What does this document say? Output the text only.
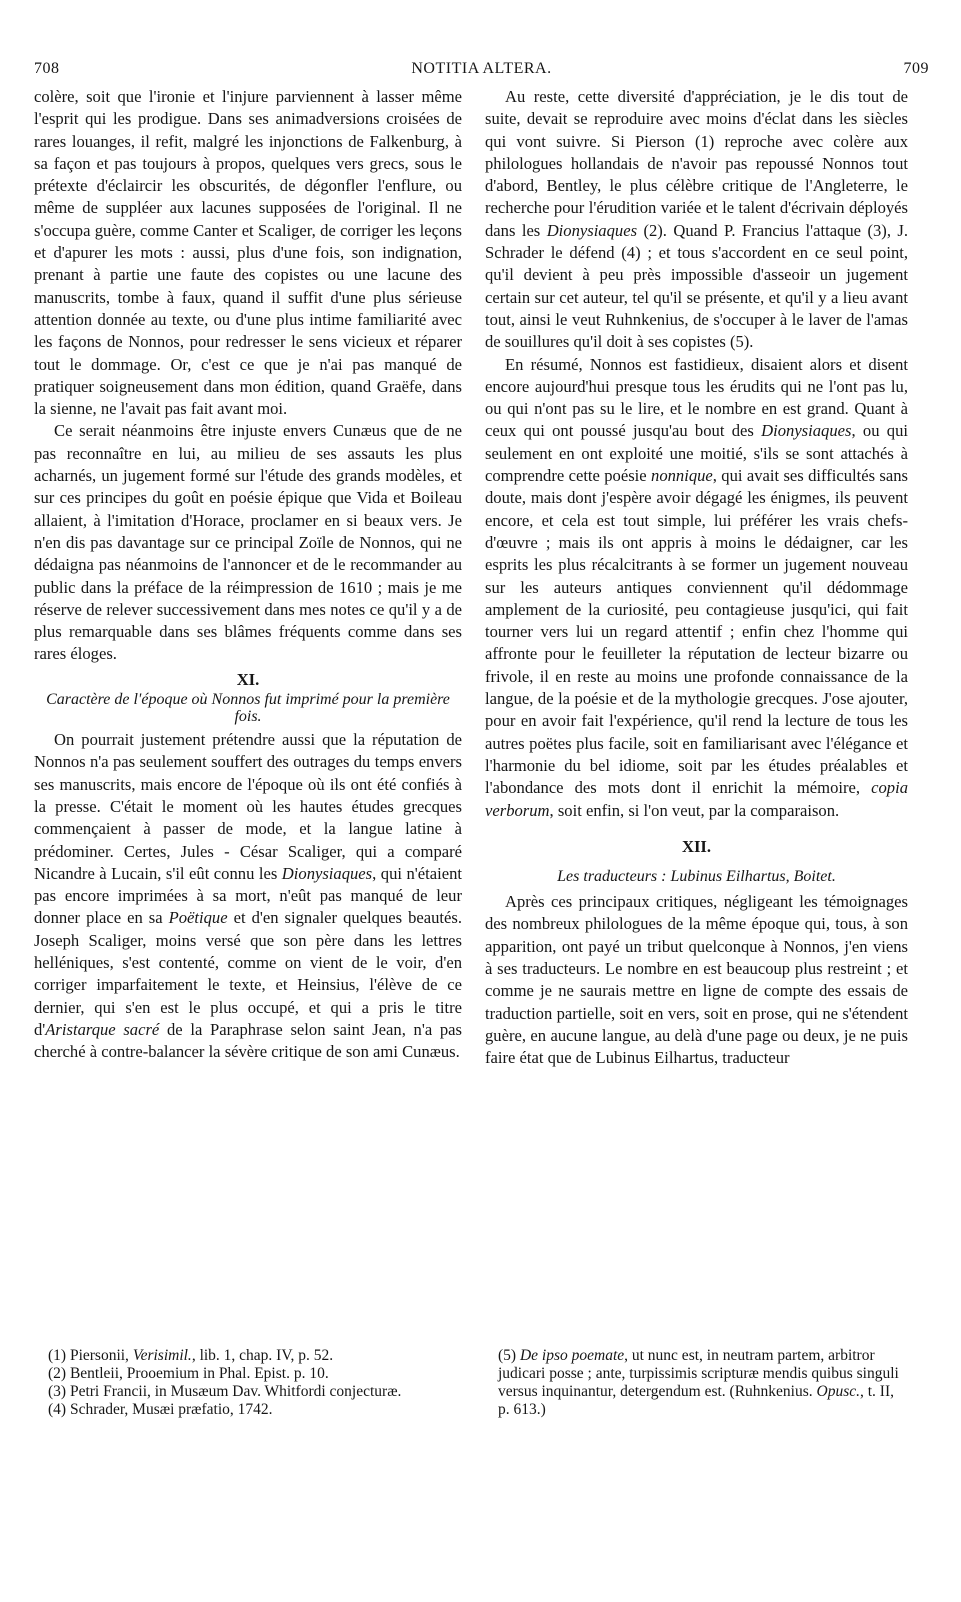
708	NOTITIA ALTERA.	709

colère, soit que l'ironie et l'injure parviennent à lasser même l'esprit qui les prodigue. Dans ses animadversions croisées de rares louanges, il refit, malgré les injonctions de Falkenburg, à sa façon et pas toujours à propos, quelques vers grecs, sous le prétexte d'éclaircir les obscurités, de dégonfler l'enflure, ou même de suppléer aux lacunes supposées de l'original. Il ne s'occupa guère, comme Canter et Scaliger, de corriger les leçons et d'apurer les mots : aussi, plus d'une fois, son indignation, prenant à partie une faute des copistes ou une lacune des manuscrits, tombe à faux, quand il suffit d'une plus sérieuse attention donnée au texte, ou d'une plus intime familiarité avec les façons de Nonnos, pour redresser le sens vicieux et réparer tout le dommage. Or, c'est ce que je n'ai pas manqué de pratiquer soigneusement dans mon édition, quand Graëfe, dans la sienne, ne l'avait pas fait avant moi.

Ce serait néanmoins être injuste envers Cunæus que de ne pas reconnaître en lui, au milieu de ses assauts les plus acharnés, un jugement formé sur l'étude des grands modèles, et sur ces principes du goût en poésie épique que Vida et Boileau allaient, à l'imitation d'Horace, proclamer en si beaux vers. Je n'en dis pas davantage sur ce principal Zoïle de Nonnos, qui ne dédaigna pas néanmoins de l'annoncer et de le recommander au public dans la préface de la réimpression de 1610 ; mais je me réserve de relever successivement dans mes notes ce qu'il y a de plus remarquable dans ses blâmes fréquents comme dans ses rares éloges.

XI.
Caractère de l'époque où Nonnos fut imprimé pour la première fois.

On pourrait justement prétendre aussi que la réputation de Nonnos n'a pas seulement souffert des outrages du temps envers ses manuscrits, mais encore de l'époque où ils ont été confiés à la presse. C'était le moment où les hautes études grecques commençaient à passer de mode, et la langue latine à prédominer. Certes, Jules - César Scaliger, qui a comparé Nicandre à Lucain, s'il eût connu les Dionysiaques, qui n'étaient pas encore imprimées à sa mort, n'eût pas manqué de leur donner place en sa Poëtique et d'en signaler quelques beautés. Joseph Scaliger, moins versé que son père dans les lettres helléniques, s'est contenté, comme on vient de le voir, d'en corriger imparfaitement le texte, et Heinsius, l'élève de ce dernier, qui s'en est le plus occupé, et qui a pris le titre d'Aristarque sacré de la Paraphrase selon saint Jean, n'a pas cherché à contre-balancer la sévère critique de son ami Cunæus.

Au reste, cette diversité d'appréciation, je le dis tout de suite, devait se reproduire avec moins d'éclat dans les siècles qui vont suivre. Si Pierson (1) reproche avec colère aux philologues hollandais de n'avoir pas repoussé Nonnos tout d'abord, Bentley, le plus célèbre critique de l'Angleterre, le recherche pour l'érudition variée et le talent d'écrivain déployés dans les Dionysiaques (2). Quand P. Francius l'attaque (3), J. Schrader le défend (4) ; et tous s'accordent en ce seul point, qu'il devient à peu près impossible d'asseoir un jugement certain sur cet auteur, tel qu'il se présente, et qu'il y a lieu avant tout, ainsi le veut Ruhnkenius, de s'occuper à le laver de l'amas de souillures qu'il doit à ses copistes (5).

En résumé, Nonnos est fastidieux, disaient alors et disent encore aujourd'hui presque tous les érudits qui ne l'ont pas lu, ou qui n'ont pas su le lire, et le nombre en est grand. Quant à ceux qui ont poussé jusqu'au bout des Dionysiaques, ou qui seulement en ont exploité une moitié, s'ils se sont attachés à comprendre cette poésie nonnique, qui avait ses difficultés sans doute, mais dont j'espère avoir dégagé les énigmes, ils peuvent encore, et cela est tout simple, lui préférer les vrais chefs-d'œuvre ; mais ils ont appris à moins le dédaigner, car les esprits les plus récalcitrants à se former un jugement nouveau sur les auteurs antiques conviennent qu'il dédommage amplement de la curiosité, peu contagieuse jusqu'ici, qui fait tourner vers lui un regard attentif ; enfin chez l'homme qui affronte pour le feuilleter la réputation de lecteur bizarre ou frivole, il en reste au moins une profonde connaissance de la langue, de la poésie et de la mythologie grecques. J'ose ajouter, pour en avoir fait l'expérience, qu'il rend la lecture de tous les autres poëtes plus facile, soit en familiarisant avec l'élégance et l'harmonie du bel idiome, soit par les études préalables et l'abondance des mots dont il enrichit la mémoire, copia verborum, soit enfin, si l'on veut, par la comparaison.

XII.
Les traducteurs : Lubinus Eilhartus, Boitet.

Après ces principaux critiques, négligeant les témoignages des nombreux philologues de la même époque qui, tous, à son apparition, ont payé un tribut quelconque à Nonnos, j'en viens à ses traducteurs. Le nombre en est beaucoup plus restreint ; et comme je ne saurais mettre en ligne de compte des essais de traduction partielle, soit en vers, soit en prose, qui ne s'étendent guère, en aucune langue, au delà d'une page ou deux, je ne puis faire état que de Lubinus Eilhartus, traducteur

(1) Piersonii, Verisimil., lib. 1, chap. IV, p. 52.
(2) Bentleii, Prooemium in Phal. Epist. p. 10.
(3) Petri Francii, in Musæum Dav. Whitfordi conjecturæ.
(4) Schrader, Musæi præfatio, 1742.
(5) De ipso poemate, ut nunc est, in neutram partem, arbitror judicari posse ; ante, turpissimis scripturæ mendis quibus singuli versus inquinantur, detergendum est. (Ruhnkenius. Opusc., t. II, p. 613.)
